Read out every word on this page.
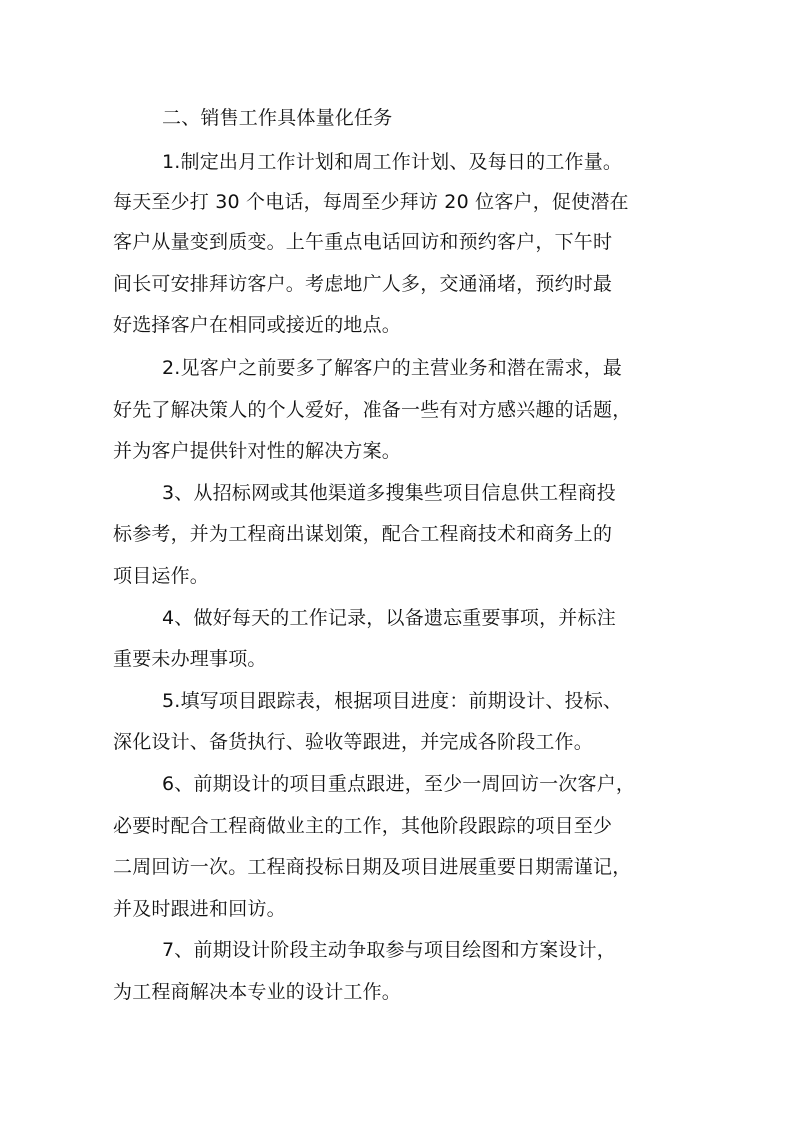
二、销售工作具体量化任务
1.制定出月工作计划和周工作计划、及每日的工作量。
每天至少打 30 个电话，每周至少拜访 20 位客户，促使潜在
客户从量变到质变。上午重点电话回访和预约客户，下午时
间长可安排拜访客户。考虑地广人多，交通涌堵，预约时最
好选择客户在相同或接近的地点。
2.见客户之前要多了解客户的主营业务和潜在需求，最
好先了解决策人的个人爱好，准备一些有对方感兴趣的话题，
并为客户提供针对性的解决方案。
3、从招标网或其他渠道多搜集些项目信息供工程商投
标参考，并为工程商出谋划策，配合工程商技术和商务上的
项目运作。
4、做好每天的工作记录，以备遗忘重要事项，并标注
重要未办理事项。
5.填写项目跟踪表，根据项目进度：前期设计、投标、
深化设计、备货执行、验收等跟进，并完成各阶段工作。
6、前期设计的项目重点跟进，至少一周回访一次客户，
必要时配合工程商做业主的工作，其他阶段跟踪的项目至少
二周回访一次。工程商投标日期及项目进展重要日期需谨记，
并及时跟进和回访。
7、前期设计阶段主动争取参与项目绘图和方案设计，
为工程商解决本专业的设计工作。
